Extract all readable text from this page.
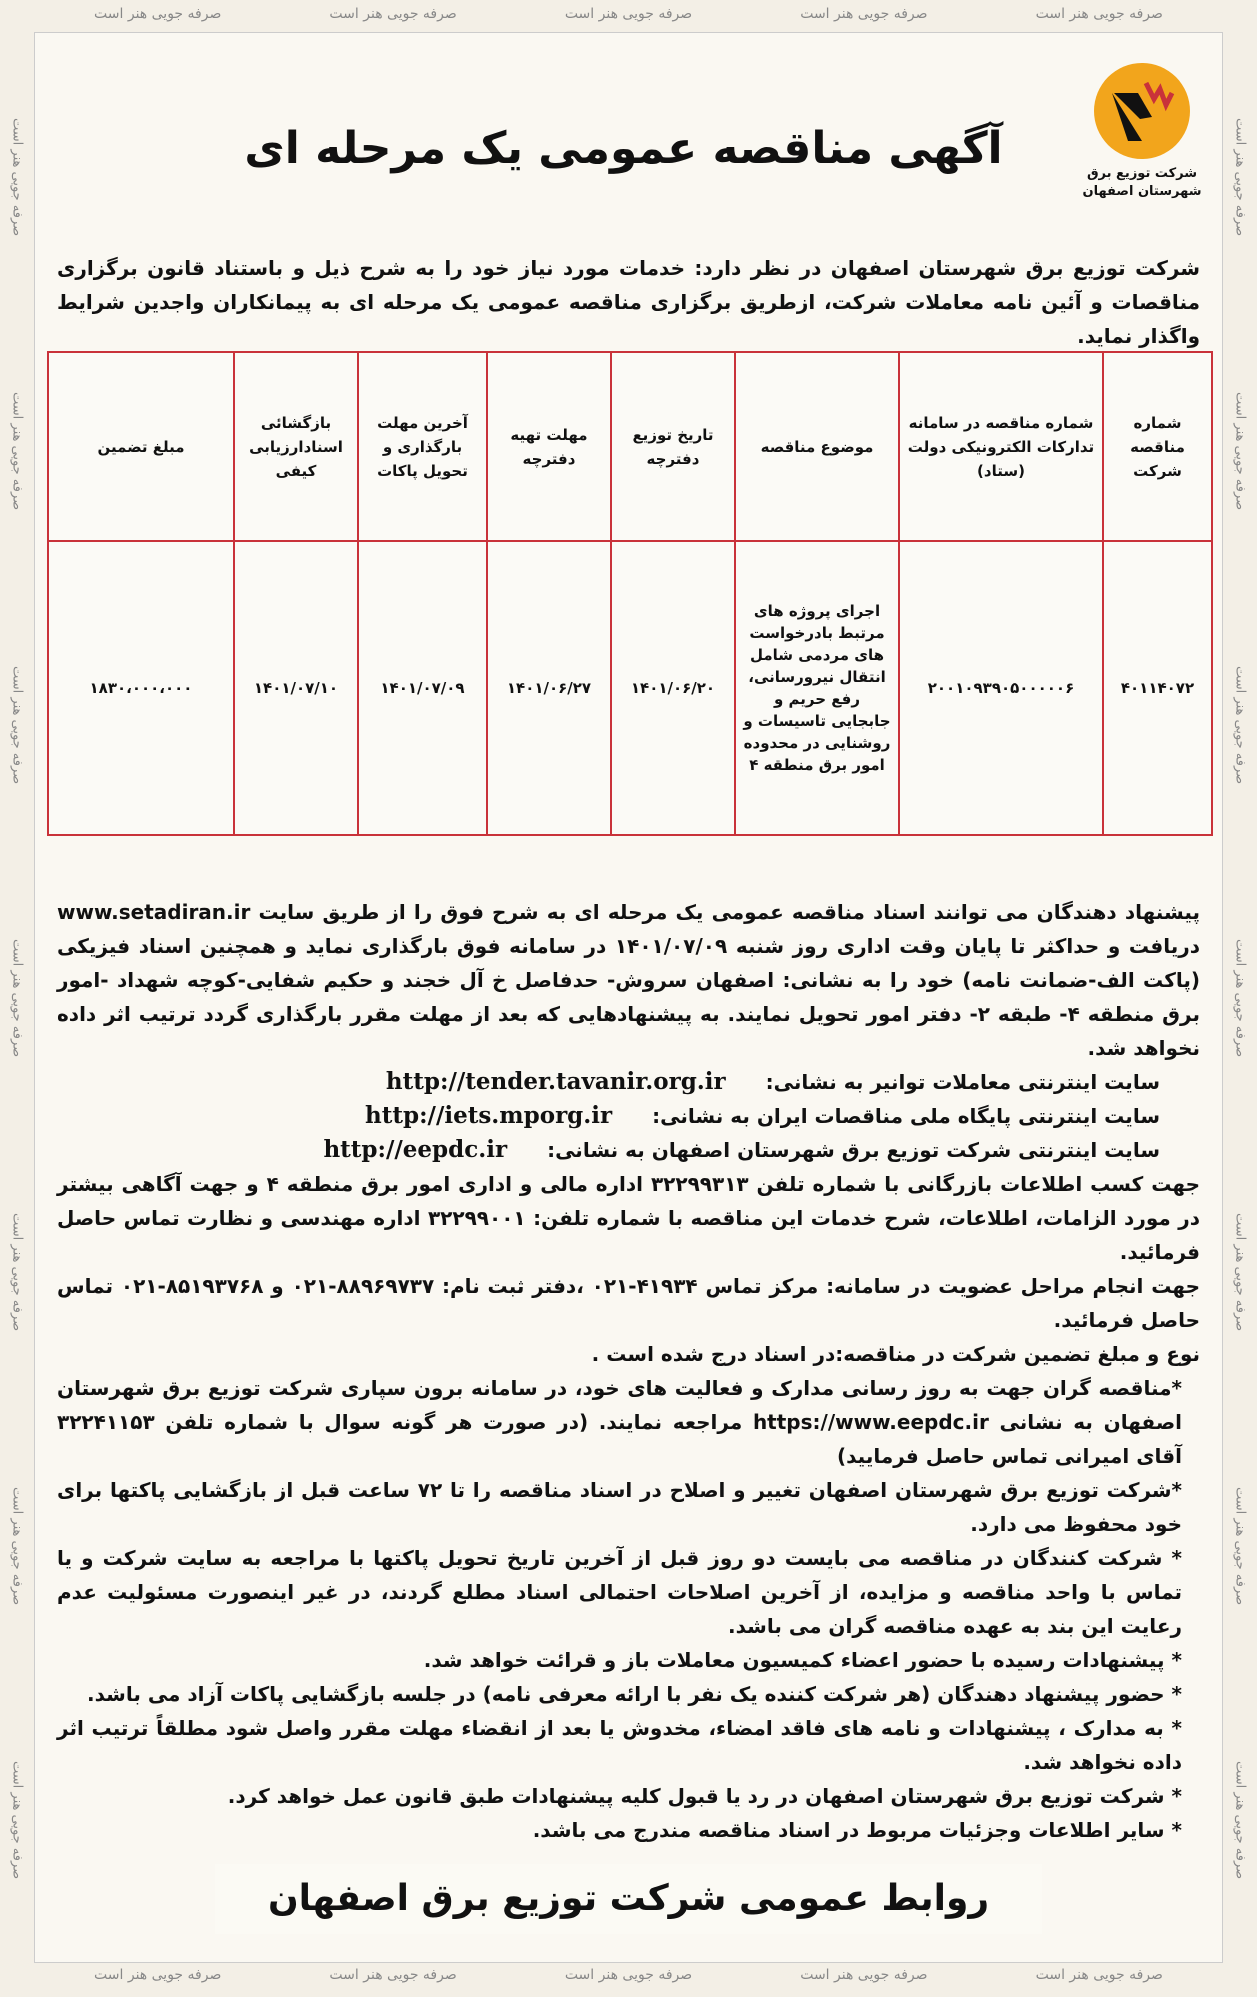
صرفه جویی هنر است	صرفه جویی هنر است	صرفه جویی هنر است	صرفه جویی هنر است	صرفه جویی هنر است
صرفه جویی هنر است	صرفه جویی هنر است	صرفه جویی هنر است	صرفه جویی هنر است	صرفه جویی هنر است
صرفه جویی هنر است
صرفه جویی هنر است
صرفه جویی هنر است
صرفه جویی هنر است
صرفه جویی هنر است
صرفه جویی هنر است
صرفه جویی هنر است
صرفه جویی هنر است
صرفه جویی هنر است
صرفه جویی هنر است
صرفه جویی هنر است
صرفه جویی هنر است
صرفه جویی هنر است
صرفه جویی هنر است
شرکت توزیع برق
شهرستان اصفهان
آگهی مناقصه عمومی یک مرحله ای
شرکت توزیع برق شهرستان اصفهان در نظر دارد: خدمات مورد نیاز خود را به شرح ذیل و باستناد قانون برگزاری مناقصات و آئین نامه معاملات شرکت، ازطریق برگزاری مناقصه عمومی یک مرحله ای به پیمانکاران واجدین شرایط واگذار نماید.
شماره مناقصه شرکت	شماره مناقصه در سامانه تدارکات الکترونیکی دولت (ستاد)	موضوع مناقصه	تاریخ توزیع دفترچه	مهلت تهیه دفترچه	آخرین مهلت بارگذاری و تحویل پاکات	بازگشائی اسنادارزیابی کیفی	مبلغ تضمین
۴۰۱۱۴۰۷۲	۲۰۰۱۰۹۳۹۰۵۰۰۰۰۰۶	اجرای پروژه های مرتبط بادرخواست های مردمی شامل انتقال نیرورسانی، رفع حریم و جابجایی تاسیسات و روشنایی در محدوده امور برق منطقه ۴	۱۴۰۱/۰۶/۲۰	۱۴۰۱/۰۶/۲۷	۱۴۰۱/۰۷/۰۹	۱۴۰۱/۰۷/۱۰	۱۸۳۰،۰۰۰،۰۰۰

پیشنهاد دهندگان می توانند اسناد مناقصه عمومی یک مرحله ای به شرح فوق را از طریق سایت www.setadiran.ir دریافت و حداکثر تا پایان وقت اداری روز شنبه ۱۴۰۱/۰۷/۰۹ در سامانه فوق بارگذاری نماید و همچنین اسناد فیزیکی (پاکت الف-ضمانت نامه) خود را به نشانی: اصفهان سروش- حدفاصل خ آل خجند و حکیم شفایی-کوچه شهداد -امور برق منطقه ۴- طبقه ۲- دفتر امور تحویل نمایند. به پیشنهادهایی که بعد از مهلت مقرر بارگذاری گردد ترتیب اثر داده نخواهد شد.

سایت اینترنتی معاملات توانیر به نشانی:
http://tender.tavanir.org.ir
سایت اینترنتی پایگاه ملی مناقصات ایران به نشانی:
http://iets.mporg.ir
سایت اینترنتی شرکت توزیع برق شهرستان اصفهان به نشانی:
http://eepdc.ir

جهت کسب اطلاعات بازرگانی با شماره تلفن ۳۲۲۹۹۳۱۳ اداره مالی و اداری امور برق منطقه ۴ و جهت آگاهی بیشتر در مورد الزامات، اطلاعات، شرح خدمات این مناقصه با شماره تلفن: ۳۲۲۹۹۰۰۱ اداره مهندسی و نظارت تماس حاصل فرمائید.

جهت انجام مراحل عضویت در سامانه: مرکز تماس ۴۱۹۳۴-۰۲۱ ،دفتر ثبت نام: ۸۸۹۶۹۷۳۷-۰۲۱ و ۸۵۱۹۳۷۶۸-۰۲۱ تماس حاصل فرمائید.

نوع و مبلغ تضمین شرکت در مناقصه:در اسناد درج شده است .

*مناقصه گران جهت به روز رسانی مدارک و فعالیت های خود، در سامانه برون سپاری شرکت توزیع برق شهرستان اصفهان به نشانی https://www.eepdc.ir مراجعه نمایند. (در صورت هر گونه سوال با شماره تلفن ۳۲۲۴۱۱۵۳ آقای امیرانی تماس حاصل فرمایید)

*شرکت توزیع برق شهرستان اصفهان تغییر و اصلاح در اسناد مناقصه را تا ۷۲ ساعت قبل از بازگشایی پاکتها برای خود محفوظ می دارد.

* شرکت کنندگان در مناقصه می بایست دو روز قبل از آخرین تاریخ تحویل پاکتها با مراجعه به سایت شرکت و یا تماس با واحد مناقصه و مزایده، از آخرین اصلاحات احتمالی اسناد مطلع گردند، در غیر اینصورت مسئولیت عدم رعایت این بند به عهده مناقصه گران می باشد.

* پیشنهادات رسیده با حضور اعضاء کمیسیون معاملات باز و قرائت خواهد شد.

* حضور پیشنهاد دهندگان (هر شرکت کننده یک نفر با ارائه معرفی نامه) در جلسه بازگشایی پاکات آزاد می باشد.

* به مدارک ، پیشنهادات و نامه های فاقد امضاء، مخدوش یا بعد از انقضاء مهلت مقرر واصل شود مطلقاً ترتیب اثر داده نخواهد شد.

* شرکت توزیع برق شهرستان اصفهان در رد یا قبول کلیه پیشنهادات طبق قانون عمل خواهد کرد.

* سایر اطلاعات وجزئیات مربوط در اسناد مناقصه مندرج می باشد.

روابط عمومی شرکت توزیع برق اصفهان
